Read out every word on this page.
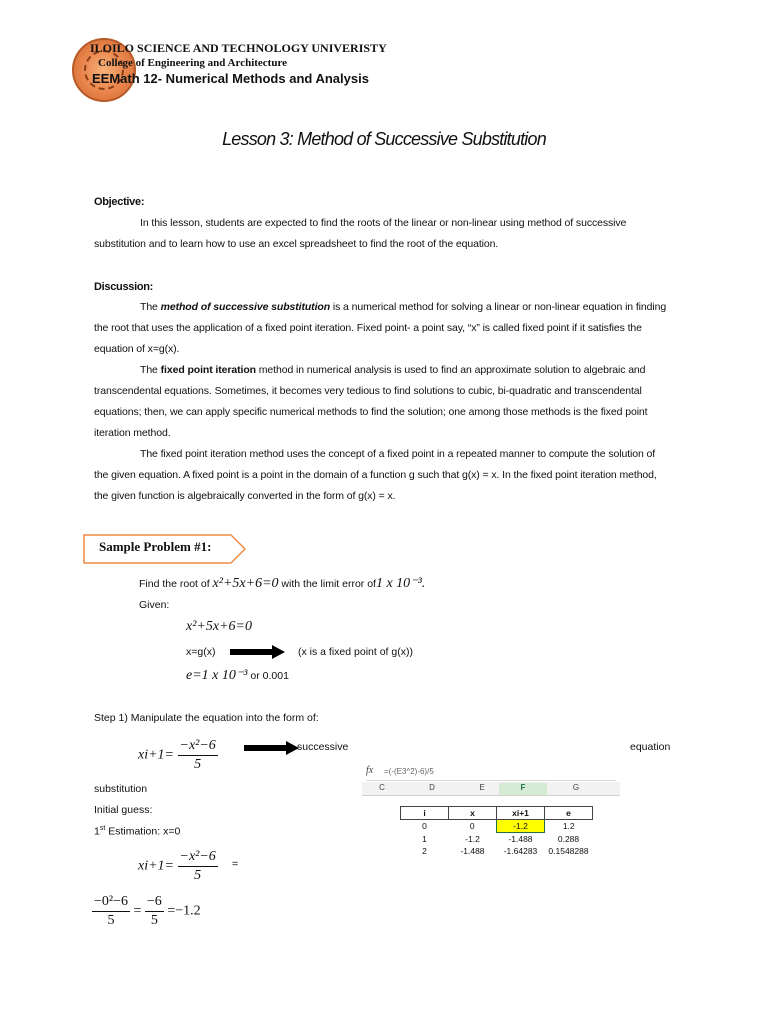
ILOILO SCIENCE AND TECHNOLOGY UNIVERISTY
College of Engineering and Architecture
EEMath 12- Numerical Methods and Analysis
Lesson 3: Method of Successive Substitution
Objective:
In this lesson, students are expected to find the roots of the linear or non-linear using method of successive
substitution and to learn how to use an excel spreadsheet to find the root of the equation.
Discussion:
The method of successive substitution is a numerical method for solving a linear or non-linear equation in finding
the root that uses the application of a fixed point iteration. Fixed point- a point say, “x” is called fixed point if it satisfies the
equation of x=g(x).
The fixed point iteration method in numerical analysis is used to find an approximate solution to algebraic and
transcendental equations. Sometimes, it becomes very tedious to find solutions to cubic, bi-quadratic and transcendental
equations; then, we can apply specific numerical methods to find the solution; one among those methods is the fixed point
iteration method.
The fixed point iteration method uses the concept of a fixed point in a repeated manner to compute the solution of
the given equation. A fixed point is a point in the domain of a function g such that g(x) = x. In the fixed point iteration method,
the given function is algebraically converted in the form of g(x) = x.
Sample Problem #1:
Find the root of x²+5x+6=0 with the limit error of1 x 10⁻³.
Given:
x²+5x+6=0
x=g(x)	(x is a fixed point of g(x))
e=1 x 10⁻³ or 0.001
Step 1) Manipulate the equation into the form of:
$xi+1= \frac{\text{−x²−6}}{5}$	successive	equation
substitution
Initial guess:
1st Estimation: x=0
$xi+1= \frac{\text{−x²−6}}{5}$ =
$\frac{\text{−0²−6}}{5} = \frac{-6}{5} =-1.2$
fx =(-(E3^2)-6)/5
C	D	E	F	G
i	x	xi+1	e
0	0	-1.2	1.2
1	-1.2	-1.488	0.288
2	-1.488	-1.64283	0.1548288
